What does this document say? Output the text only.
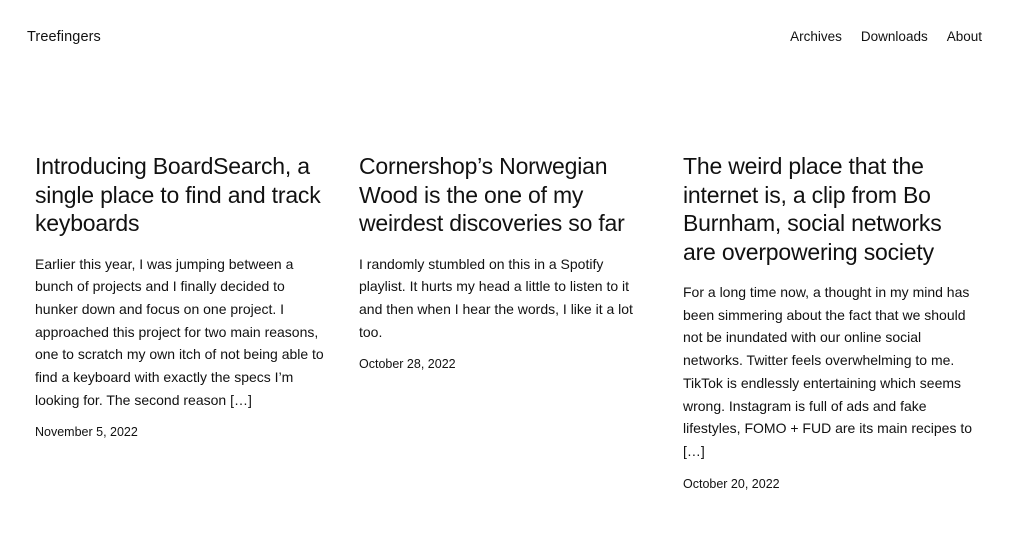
Treefingers	Archives Downloads About
Introducing BoardSearch, a single place to find and track keyboards

Earlier this year, I was jumping between a bunch of projects and I finally decided to hunker down and focus on one project. I approached this project for two main reasons, one to scratch my own itch of not being able to find a keyboard with exactly the specs I’m looking for. The second reason […]

November 5, 2022
Cornershop’s Norwegian Wood is the one of my weirdest discoveries so far

I randomly stumbled on this in a Spotify playlist. It hurts my head a little to listen to it and then when I hear the words, I like it a lot too.

October 28, 2022
The weird place that the internet is, a clip from Bo Burnham, social networks are overpowering society

For a long time now, a thought in my mind has been simmering about the fact that we should not be inundated with our online social networks. Twitter feels overwhelming to me. TikTok is endlessly entertaining which seems wrong. Instagram is full of ads and fake lifestyles, FOMO + FUD are its main recipes to […]

October 20, 2022
